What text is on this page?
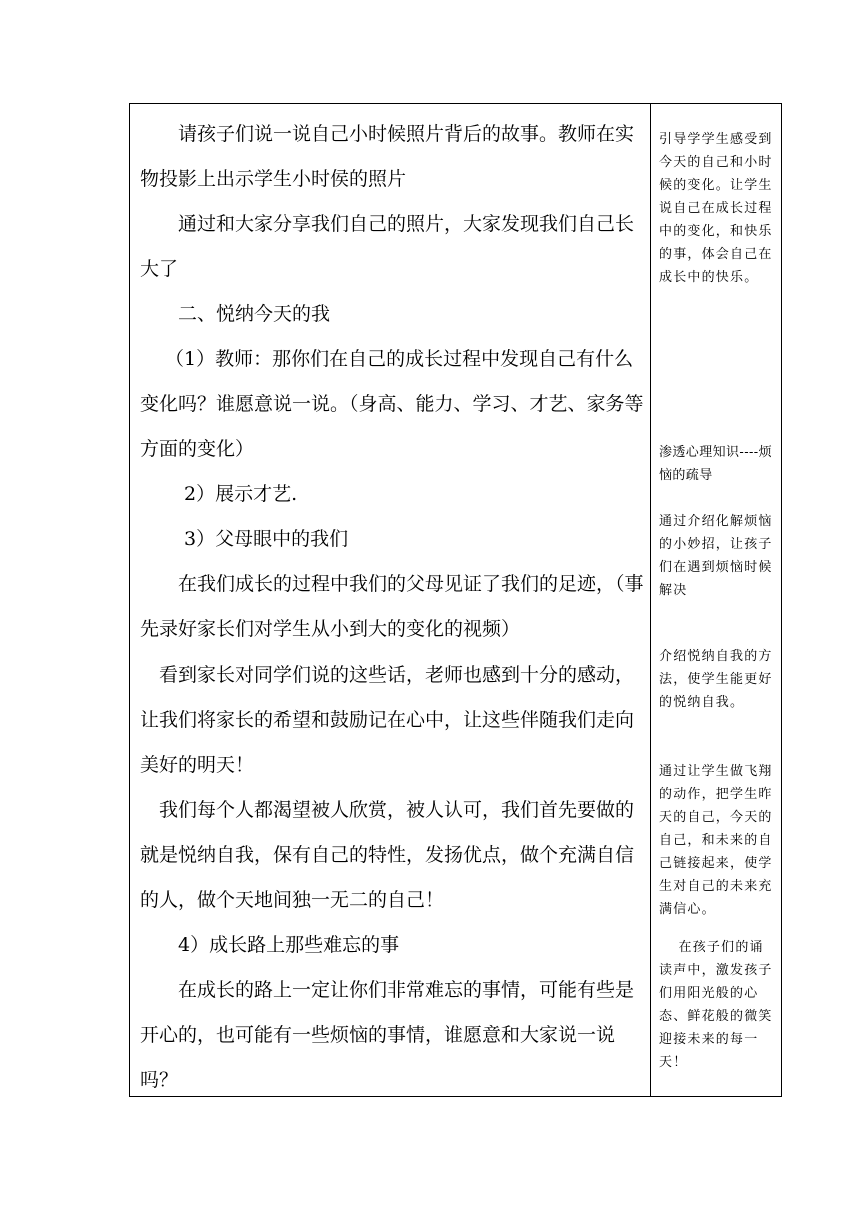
　　请孩子们说一说自己小时候照片背后的故事。教师在实物投影上出示学生小时侯的照片
　　通过和大家分享我们自己的照片，大家发现我们自己长大了
　　二、悦纳今天的我
　 （1）教师：那你们在自己的成长过程中发现自己有什么变化吗？谁愿意说一说。（身高、能力、学习、才艺、家务等方面的变化）
　　 2）展示才艺.
　　 3）父母眼中的我们
　　在我们成长的过程中我们的父母见证了我们的足迹，（事先录好家长们对学生从小到大的变化的视频）
　看到家长对同学们说的这些话，老师也感到十分的感动，让我们将家长的希望和鼓励记在心中，让这些伴随我们走向美好的明天！
　我们每个人都渴望被人欣赏，被人认可，我们首先要做的就是悦纳自我，保有自己的特性，发扬优点，做个充满自信的人，做个天地间独一无二的自己！
　　4）成长路上那些难忘的事
　　在成长的路上一定让你们非常难忘的事情，可能有些是开心的，也可能有一些烦恼的事情，谁愿意和大家说一说吗？

引导学学生感受到今天的自己和小时候的变化。让学生说自己在成长过程中的变化，和快乐的事，体会自己在成长中的快乐。
渗透心理知识----烦恼的疏导
通过介绍化解烦恼的小妙招，让孩子们在遇到烦恼时候解决
介绍悦纳自我的方法，使学生能更好的悦纳自我。
通过让学生做飞翔的动作，把学生昨天的自己，今天的自己，和未来的自己链接起来，使学生对自己的未来充满信心。
　 在孩子们的诵读声中，激发孩子们用阳光般的心态、鲜花般的微笑迎接未来的每一天！
